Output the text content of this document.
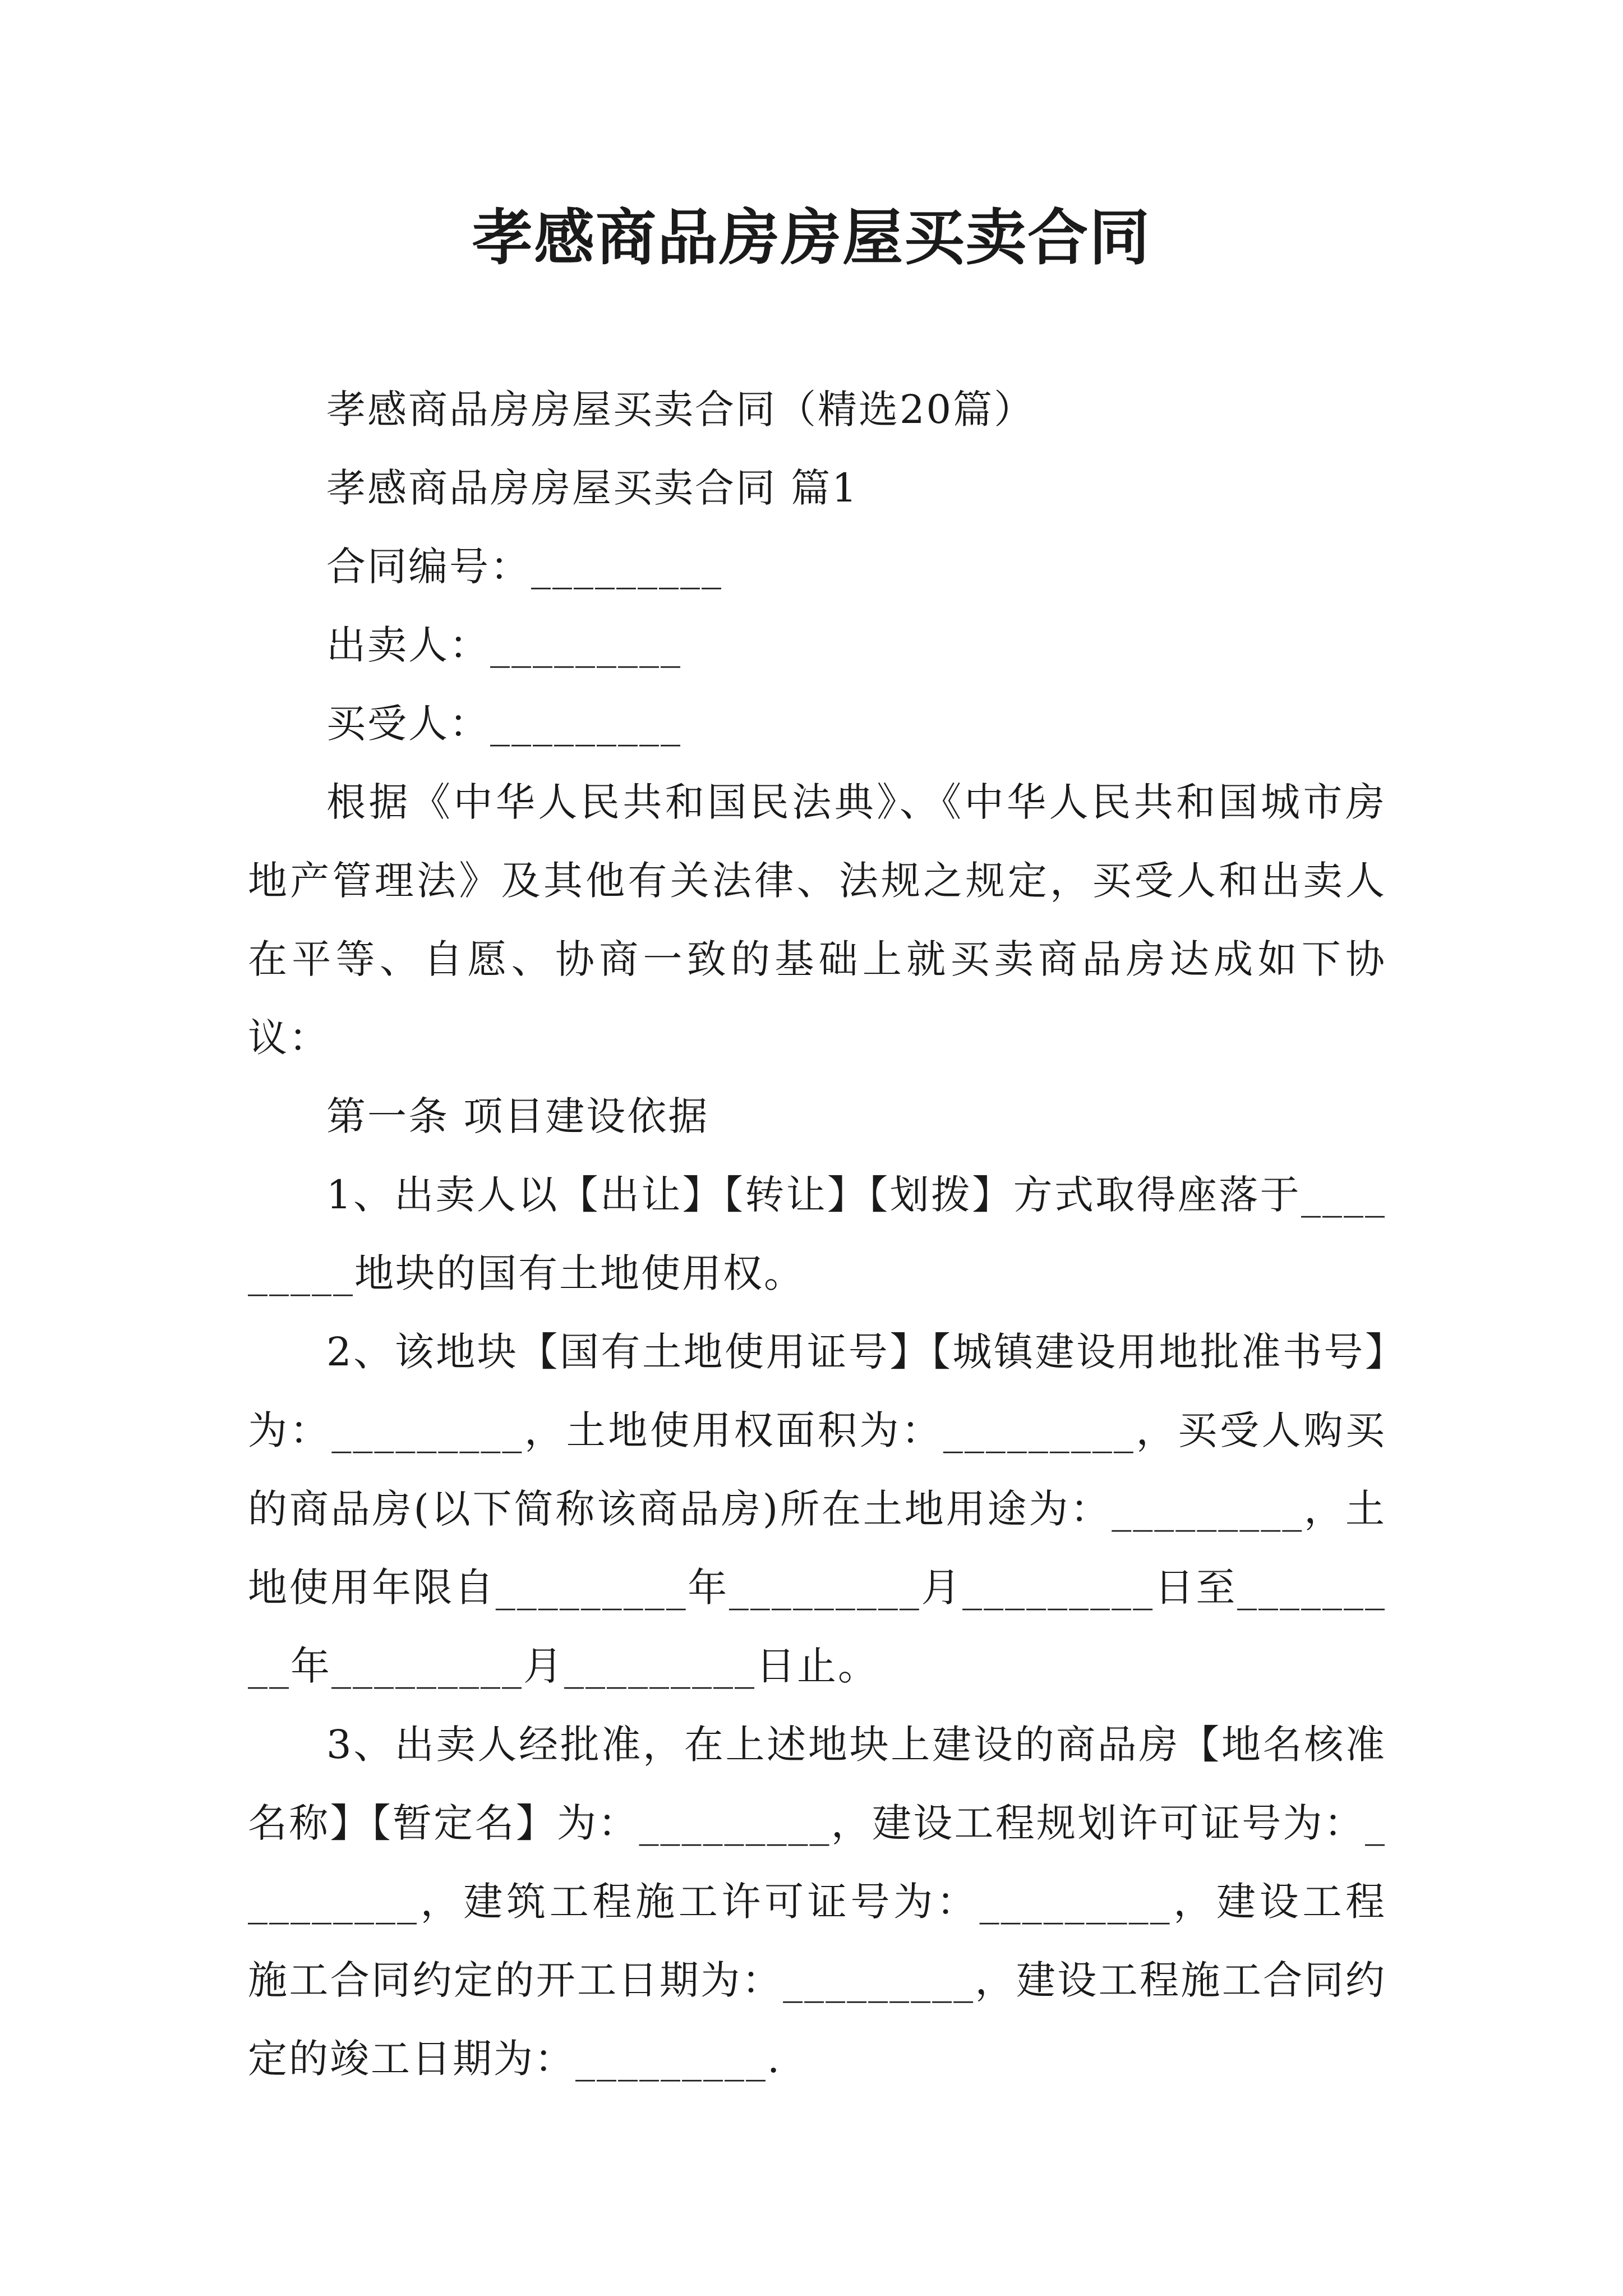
孝感商品房房屋买卖合同

孝感商品房房屋买卖合同（精选20篇）

孝感商品房房屋买卖合同 篇1

合同编号：_________

出卖人：_________

买受人：_________

根据《中华人民共和国民法典》、《中华人民共和国城市房地产管理法》及其他有关法律、法规之规定，买受人和出卖人在平等、自愿、协商一致的基础上就买卖商品房达成如下协议：

第一条 项目建设依据

1、出卖人以【出让】【转让】【划拨】方式取得座落于_________地块的国有土地使用权。

2、该地块【国有土地使用证号】【城镇建设用地批准书号】为：_________，土地使用权面积为：_________，买受人购买的商品房(以下简称该商品房)所在土地用途为：_________，土地使用年限自_________年_________月_________日至_________年_________月_________日止。

3、出卖人经批准，在上述地块上建设的商品房【地名核准名称】【暂定名】为：_________，建设工程规划许可证号为：_________，建筑工程施工许可证号为：_________，建设工程施工合同约定的开工日期为：_________，建设工程施工合同约定的竣工日期为：_________.
